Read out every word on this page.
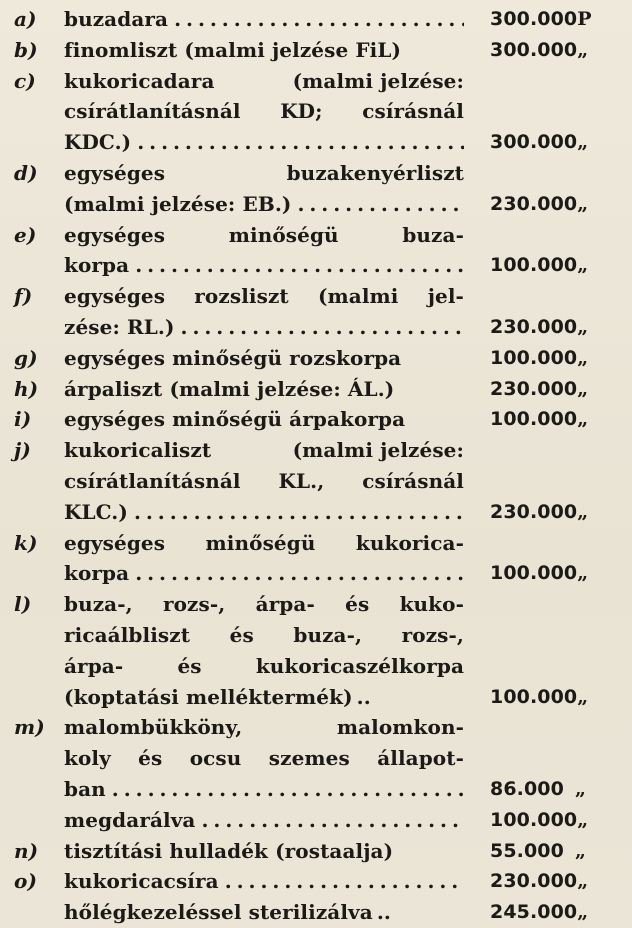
a)	buzadara . . .	300.000 P
b)	finomliszt (malmi jelzése FiL)	300.000 „
c)	kukoricadara	(malmi jelzése:
csírátlanításnál KD; csírásnál
KDC.) . . .	300.000 „
d)	egységes	buzakenyérliszt
(malmi jelzése: EB.) . . .	230.000 „
e)	egységes	minőségü	buza-
korpa . . .	100.000 „
f)	egységes rozsliszt (malmi jel-
zése: RL.) . . .	230.000 „
g)	egységes minőségü rozskorpa	100.000 „
h)	árpaliszt (malmi jelzése: ÁL.)	230.000 „
i)	egységes minőségü árpakorpa	100.000 „
j)	kukoricaliszt	(malmi jelzése:
csírátlanításnál KL., csírásnál
KLC.) . . .	230.000 „
k)	egységes minőségü kukorica-
korpa . . .	100.000 „
l)	buza-, rozs-, árpa- és kuko-
ricaálbliszt és buza-, rozs-,
árpa-	és	kukoricaszélkorpa
(koptatási melléktermék) ..	100.000 „
m) malombükköny,	malomkon-
koly és ocsu szemes állapot-
ban . . .	86.000 „
megdarálva . . .	100.000 „
n)	tisztítási hulladék (rostaalja)	55.000 „
o)	kukoricacsíra . . .	230.000 „
hőlégkezeléssel sterilizálva ..	245.000 „
